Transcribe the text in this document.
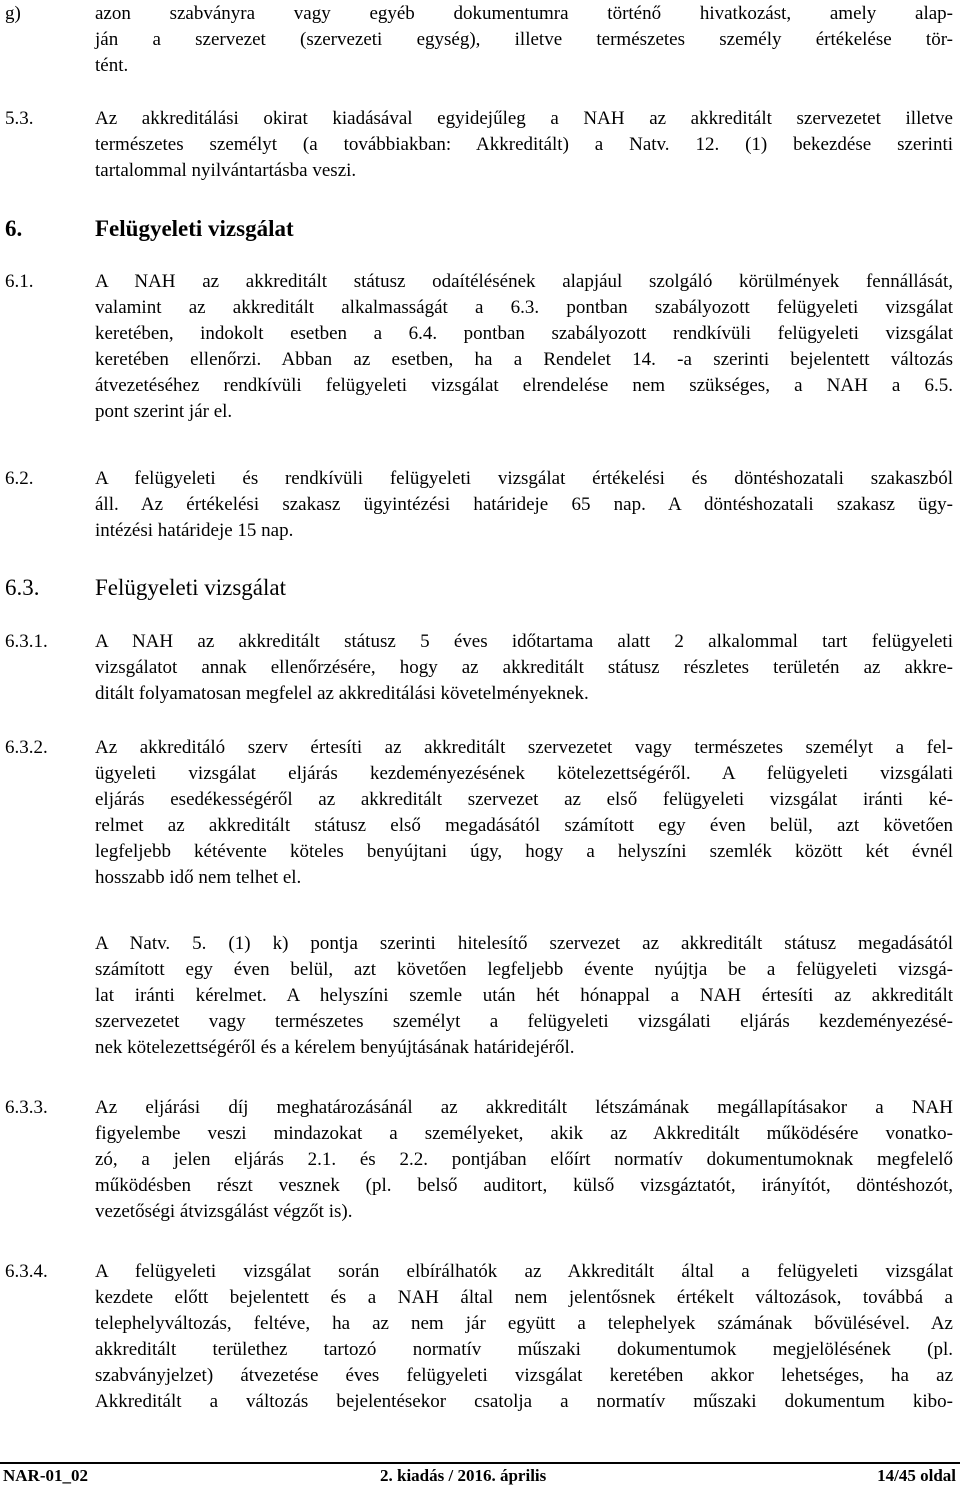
g)	azon szabványra vagy egyéb dokumentumra történő hivatkozást, amely alap-
ján a szervezet (szervezeti egység), illetve természetes személy értékelése tör-
tént.
5.3.	Az akkreditálási okirat kiadásával egyidejűleg a NAH az akkreditált szervezetet illetve
természetes személyt (a továbbiakban: Akkreditált) a Natv. 12. (1) bekezdése szerinti
tartalommal nyilvántartásba veszi.
6.	Felügyeleti vizsgálat
6.1.	A NAH az akkreditált státusz odaítélésének alapjául szolgáló körülmények fennállását,
valamint az akkreditált alkalmasságát a 6.3. pontban szabályozott felügyeleti vizsgálat
keretében, indokolt esetben a 6.4. pontban szabályozott rendkívüli felügyeleti vizsgálat
keretében ellenőrzi. Abban az esetben, ha a Rendelet 14. -a szerinti bejelentett változás
átvezetéséhez rendkívüli felügyeleti vizsgálat elrendelése nem szükséges, a NAH a 6.5.
pont szerint jár el.
6.2.	A felügyeleti és rendkívüli felügyeleti vizsgálat értékelési és döntéshozatali szakaszból
áll. Az értékelési szakasz ügyintézési határideje 65 nap. A döntéshozatali szakasz ügy-
intézési határideje 15 nap.
6.3. Felügyeleti vizsgálat
6.3.1. A NAH az akkreditált státusz 5 éves időtartama alatt 2 alkalommal tart felügyeleti
vizsgálatot annak ellenőrzésére, hogy az akkreditált státusz részletes területén az akkre-
ditált folyamatosan megfelel az akkreditálási követelményeknek.
6.3.2. Az akkreditáló szerv értesíti az akkreditált szervezetet vagy természetes személyt a fel-
ügyeleti vizsgálat eljárás kezdeményezésének kötelezettségéről. A felügyeleti vizsgálati
eljárás esedékességéről az akkreditált szervezet az első felügyeleti vizsgálat iránti ké-
relmet az akkreditált státusz első megadásától számított egy éven belül, azt követően
legfeljebb kétévente köteles benyújtani úgy, hogy a helyszíni szemlék között két évnél
hosszabb idő nem telhet el.
A Natv. 5. (1) k) pontja szerinti hitelesítő szervezet az akkreditált státusz megadásától
számított egy éven belül, azt követően legfeljebb évente nyújtja be a felügyeleti vizsgá-
lat iránti kérelmet. A helyszíni szemle után hét hónappal a NAH értesíti az akkreditált
szervezetet vagy természetes személyt a felügyeleti vizsgálati eljárás kezdeményezésé-
nek kötelezettségéről és a kérelem benyújtásának határidejéről.
6.3.3. Az eljárási díj meghatározásánál az akkreditált létszámának megállapításakor a NAH
figyelembe veszi mindazokat a személyeket, akik az Akkreditált működésére vonatko-
zó, a jelen eljárás 2.1. és 2.2. pontjában előírt normatív dokumentumoknak megfelelő
működésben részt vesznek (pl. belső auditort, külső vizsgáztatót, irányítót, döntéshozót,
vezetőségi átvizsgálást végzőt is).
6.3.4. A felügyeleti vizsgálat során elbírálhatók az Akkreditált által a felügyeleti vizsgálat
kezdete előtt bejelentett és a NAH által nem jelentősnek értékelt változások, továbbá a
telephelyváltozás, feltéve, ha az nem jár együtt a telephelyek számának bővülésével. Az
akkreditált területhez tartozó normatív műszaki dokumentumok megjelölésének (pl.
szabványjelzet) átvezetése éves felügyeleti vizsgálat keretében akkor lehetséges, ha az
Akkreditált a változás bejelentésekor csatolja a normatív műszaki dokumentum kibo-
NAR-01_02	2. kiadás / 2016. április	14/45 oldal
